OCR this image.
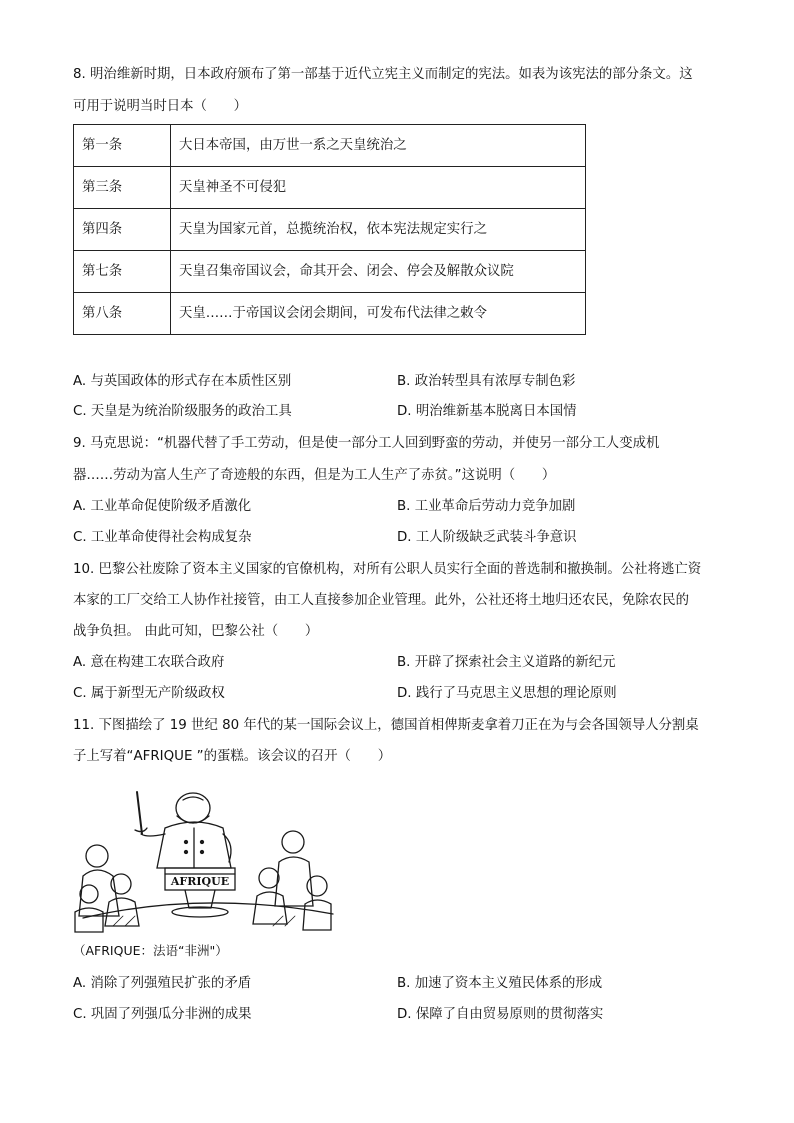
8. 明治维新时期，日本政府颁布了第一部基于近代立宪主义而制定的宪法。如表为该宪法的部分条文。这
可用于说明当时日本（　　）
第一条	大日本帝国，由万世一系之天皇统治之
第三条	天皇神圣不可侵犯
第四条	天皇为国家元首，总揽统治权，依本宪法规定实行之
第七条	天皇召集帝国议会，命其开会、闭会、停会及解散众议院
第八条	天皇……于帝国议会闭会期间，可发布代法律之敕令
A. 与英国政体的形式存在本质性区别	B. 政治转型具有浓厚专制色彩
C. 天皇是为统治阶级服务的政治工具	D. 明治维新基本脱离日本国情
9. 马克思说：“机器代替了手工劳动，但是使一部分工人回到野蛮的劳动，并使另一部分工人变成机
器……劳动为富人生产了奇迹般的东西，但是为工人生产了赤贫。”这说明（　　）
A. 工业革命促使阶级矛盾激化	B. 工业革命后劳动力竞争加剧
C. 工业革命使得社会构成复杂	D. 工人阶级缺乏武装斗争意识
10. 巴黎公社废除了资本主义国家的官僚机构，对所有公职人员实行全面的普选制和撤换制。公社将逃亡资
本家的工厂交给工人协作社接管，由工人直接参加企业管理。此外，公社还将土地归还农民，免除农民的
战争负担。 由此可知，巴黎公社（　　）
A. 意在构建工农联合政府	B. 开辟了探索社会主义道路的新纪元
C. 属于新型无产阶级政权	D. 践行了马克思主义思想的理论原则
11. 下图描绘了 19 世纪 80 年代的某一国际会议上，德国首相俾斯麦拿着刀正在为与会各国领导人分割桌
子上写着“AFRIQUE ”的蛋糕。该会议的召开（　　）
AFRIQUE
（AFRIQUE：法语“非洲"）
A. 消除了列强殖民扩张的矛盾	B. 加速了资本主义殖民体系的形成
C. 巩固了列强瓜分非洲的成果	D. 保障了自由贸易原则的贯彻落实
